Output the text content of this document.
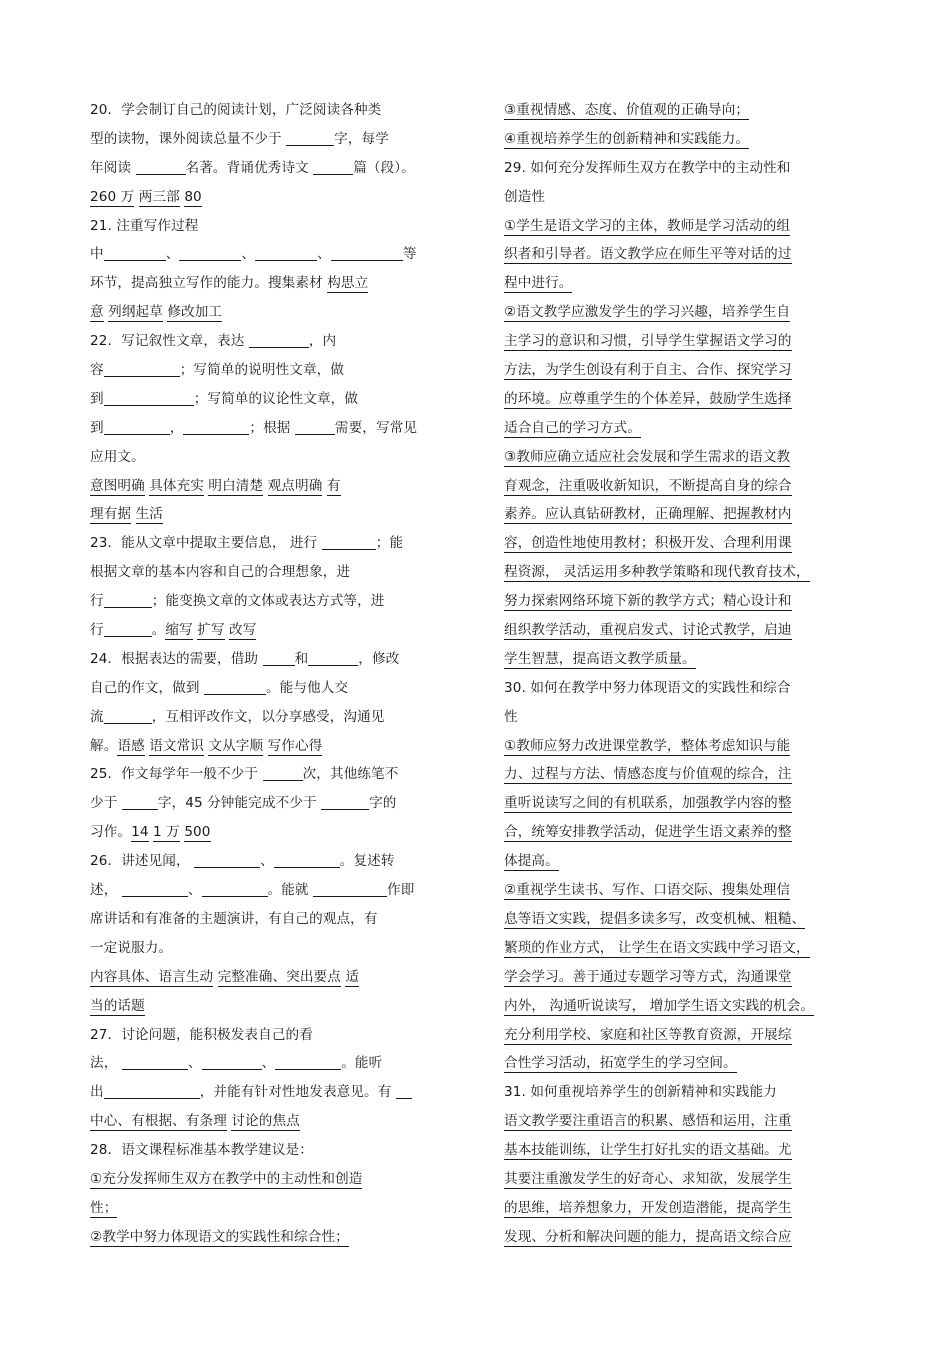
20．学会制订自己的阅读计划，广泛阅读各种类
型的读物，课外阅读总量不少于	字，每学
年阅读	名著。背诵优秀诗文	篇（段）。
260 万 两三部 80
21. 注重写作过程
中	、	、	、	等
环节，提高独立写作的能力。搜集素材 构思立
意 列纲起草 修改加工
22．写记叙性文章，表达	，内
容	；写简单的说明性文章，做
到	；写简单的议论性文章，做
到	，	；根据	需要，写常见
应用文。
意图明确 具体充实 明白清楚 观点明确 有
理有据 生活
23．能从文章中提取主要信息， 进行	；能
根据文章的基本内容和自己的合理想象，进
行	；能变换文章的文体或表达方式等，进
行	。缩写 扩写 改写
24．根据表达的需要，借助 和	，修改
自己的作文，做到	。能与他人交
流	，互相评改作文，以分享感受，沟通见
解。语感 语文常识 文从字顺 写作心得
25．作文每学年一般不少于	次，其他练笔不
少于	字，45 分钟能完成不少于	字的
习作。14 1 万 500
26．讲述见闻，	、	。复述转
述，	、	。能就	作即
席讲话和有准备的主题演讲，有自己的观点，有
一定说服力。
内容具体、语言生动 完整准确、突出要点 适
当的话题
27．讨论问题，能积极发表自己的看
法，	、	、	。能听
出	，并能有针对性地发表意见。有
中心、有根据、有条理 讨论的焦点
28．语文课程标准基本教学建议是：
①充分发挥师生双方在教学中的主动性和创造
性；
②教学中努力体现语文的实践性和综合性；
③重视情感、态度、价值观的正确导向；
④重视培养学生的创新精神和实践能力。
29. 如何充分发挥师生双方在教学中的主动性和
创造性
①学生是语文学习的主体，教师是学习活动的组
织者和引导者。语文教学应在师生平等对话的过
程中进行。
②语文教学应激发学生的学习兴趣，培养学生自
主学习的意识和习惯，引导学生掌握语文学习的
方法，为学生创设有利于自主、合作、探究学习
的环境。应尊重学生的个体差异，鼓励学生选择
适合自己的学习方式。
③教师应确立适应社会发展和学生需求的语文教
育观念，注重吸收新知识，不断提高自身的综合
素养。应认真钻研教材，正确理解、把握教材内
容，创造性地使用教材；积极开发、合理利用课
程资源， 灵活运用多种教学策略和现代教育技术，
努力探索网络环境下新的教学方式；精心设计和
组织教学活动，重视启发式、讨论式教学，启迪
学生智慧，提高语文教学质量。
30. 如何在教学中努力体现语文的实践性和综合
性
①教师应努力改进课堂教学，整体考虑知识与能
力、过程与方法、情感态度与价值观的综合，注
重听说读写之间的有机联系，加强教学内容的整
合，统筹安排教学活动，促进学生语文素养的整
体提高。
②重视学生读书、写作、口语交际、搜集处理信
息等语文实践，提倡多读多写，改变机械、粗糙、
繁琐的作业方式， 让学生在语文实践中学习语文，
学会学习。善于通过专题学习等方式，沟通课堂
内外， 沟通听说读写， 增加学生语文实践的机会。
充分利用学校、家庭和社区等教育资源，开展综
合性学习活动，拓宽学生的学习空间。
31. 如何重视培养学生的创新精神和实践能力
语文教学要注重语言的积累、感悟和运用，注重
基本技能训练，让学生打好扎实的语文基础。尤
其要注重激发学生的好奇心、求知欲，发展学生
的思维，培养想象力，开发创造潜能，提高学生
发现、分析和解决问题的能力，提高语文综合应
